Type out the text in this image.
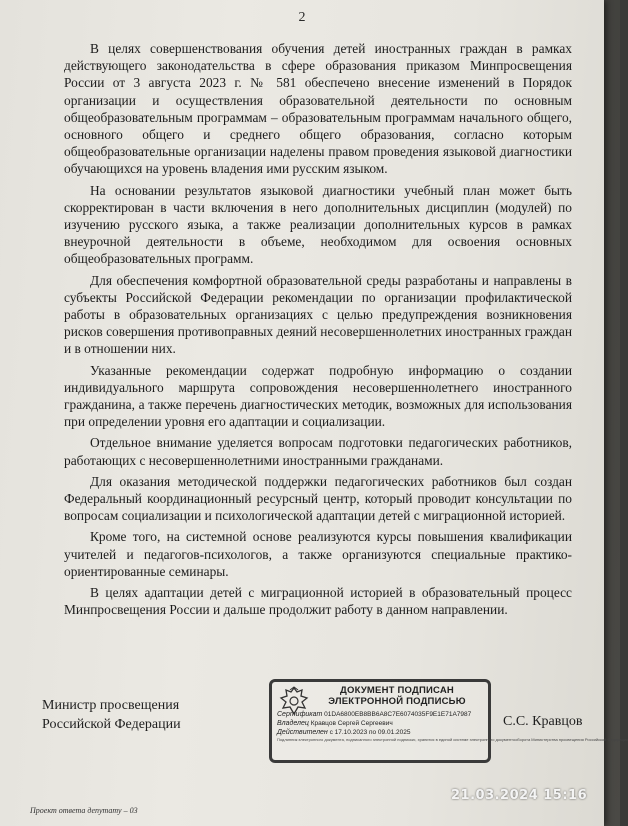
2

В целях совершенствования обучения детей иностранных граждан в рамках действующего законодательства в сфере образования приказом Минпросвещения России от 3 августа 2023 г. № 581 обеспечено внесение изменений в Порядок организации и осуществления образовательной деятельности по основным общеобразовательным программам – образовательным программам начального общего, основного общего и среднего общего образования, согласно которым общеобразовательные организации наделены правом проведения языковой диагностики обучающихся на уровень владения ими русским языком.

На основании результатов языковой диагностики учебный план может быть скорректирован в части включения в него дополнительных дисциплин (модулей) по изучению русского языка, а также реализации дополнительных курсов в рамках внеурочной деятельности в объеме, необходимом для освоения основных общеобразовательных программ.

Для обеспечения комфортной образовательной среды разработаны и направлены в субъекты Российской Федерации рекомендации по организации профилактической работы в образовательных организациях с целью предупреждения возникновения рисков совершения противоправных деяний несовершеннолетних иностранных граждан и в отношении них.

Указанные рекомендации содержат подробную информацию о создании индивидуального маршрута сопровождения несовершеннолетнего иностранного гражданина, а также перечень диагностических методик, возможных для использования при определении уровня его адаптации и социализации.

Отдельное внимание уделяется вопросам подготовки педагогических работников, работающих с несовершеннолетними иностранными гражданами.

Для оказания методической поддержки педагогических работников был создан Федеральный координационный ресурсный центр, который проводит консультации по вопросам социализации и психологической адаптации детей с миграционной историей.

Кроме того, на системной основе реализуются курсы повышения квалификации учителей и педагогов-психологов, а также организуются специальные практико-ориентированные семинары.

В целях адаптации детей с миграционной историей в образовательный процесс Минпросвещения России и дальше продолжит работу в данном направлении.

Министр просвещения
Российской Федерации
ДОКУМЕНТ ПОДПИСАН
ЭЛЕКТРОННОЙ ПОДПИСЬЮ
Сертификат 01DA6800EB8BB6A8C7E6074035F9E1E71A7987
Владелец Кравцов Сергей Сергеевич
Действителен с 17.10.2023 по 09.01.2025
Подлинник электронного документа, подписанного электронной подписью, хранится в единой системе электронного документооборота Министерства просвещения Российской Федерации
С.С. Кравцов
Проект ответа депутату – 03
21.03.2024 15:16
